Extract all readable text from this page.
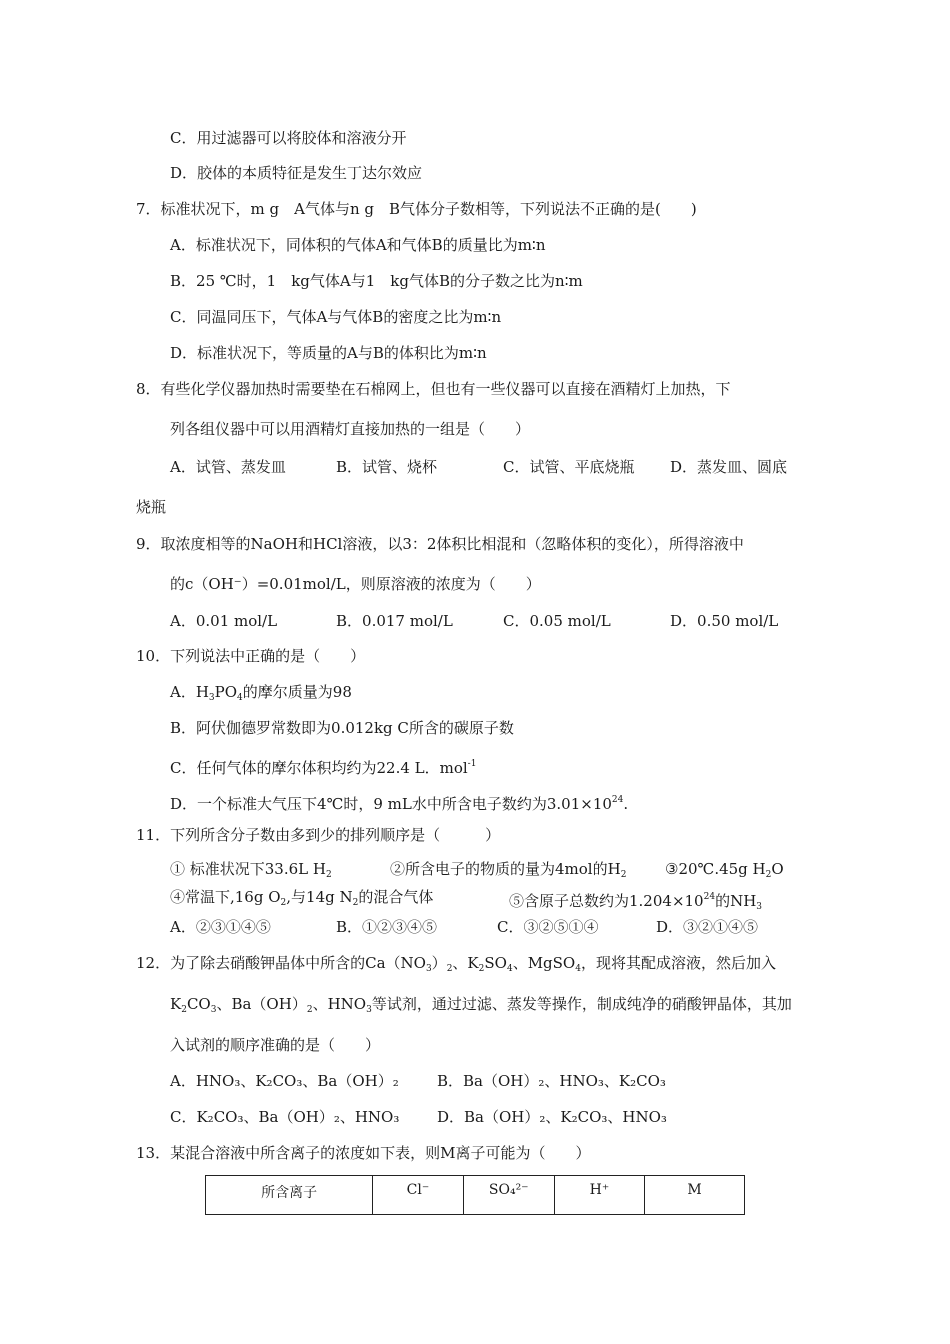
C．用过滤器可以将胶体和溶液分开
D．胶体的本质特征是发生丁达尔效应
7．标准状况下，m g　A气体与n g　B气体分子数相等，下列说法不正确的是(　　)
A．标准状况下，同体积的气体A和气体B的质量比为m∶n
B．25 ℃时，1　kg气体A与1　kg气体B的分子数之比为n∶m
C．同温同压下，气体A与气体B的密度之比为m∶n
D．标准状况下，等质量的A与B的体积比为m∶n
8．有些化学仪器加热时需要垫在石棉网上，但也有一些仪器可以直接在酒精灯上加热，下
列各组仪器中可以用酒精灯直接加热的一组是（　　）
A．试管、蒸发皿	B．试管、烧杯	C．试管、平底烧瓶 D．蒸发皿、圆底
烧瓶
9．取浓度相等的NaOH和HCl溶液，以3：2体积比相混和（忽略体积的变化），所得溶液中
的c（OH⁻）=0.01mol/L，则原溶液的浓度为（　　）
A．0.01 mol/L	B．0.017 mol/L	C．0.05 mol/L	D．0.50 mol/L
10．下列说法中正确的是（　　）
A．$H_3PO_4$的摩尔质量为98
B．阿伏伽德罗常数即为0.012kg C所含的碳原子数
C．任何气体的摩尔体积均约为22.4 L．mol$^{-1}$
D．一个标准大气压下4℃时，9 mL水中所含电子数约为$3.01\times 10^{24}$.
11．下列所含分子数由多到少的排列顺序是（　　　）
① 标准状况下33.6L $H_2$	②所含电子的物质的量为4mol的$H_2$	③20℃.45g $H_2O$
④常温下,16g $O_2$,与14g $N_2$的混合气体	⑤含原子总数约为$1.204\times 10^{24}$的$NH_3$
A．②③①④⑤	B．①②③④⑤	C．③②⑤①④	D．③②①④⑤
12．为了除去硝酸钾晶体中所含的$Ca(NO_3)_2$、$K_2SO_4$、MgSO$_4$，现将其配成溶液，然后加入
$K_2CO_3$、$Ba(OH)_2$、$HNO_3$等试剂，通过过滤、蒸发等操作，制成纯净的硝酸钾晶体，其加
入试剂的顺序准确的是（　　）
A．HNO₃、K₂CO₃、Ba（OH）₂	B．Ba（OH）₂、HNO₃、K₂CO₃
C．K₂CO₃、Ba（OH）₂、HNO₃	D．Ba（OH）₂、K₂CO₃、HNO₃
13．某混合溶液中所含离子的浓度如下表，则M离子可能为（　　）
所含离子	Cl⁻	SO₄²⁻	H⁺	M
